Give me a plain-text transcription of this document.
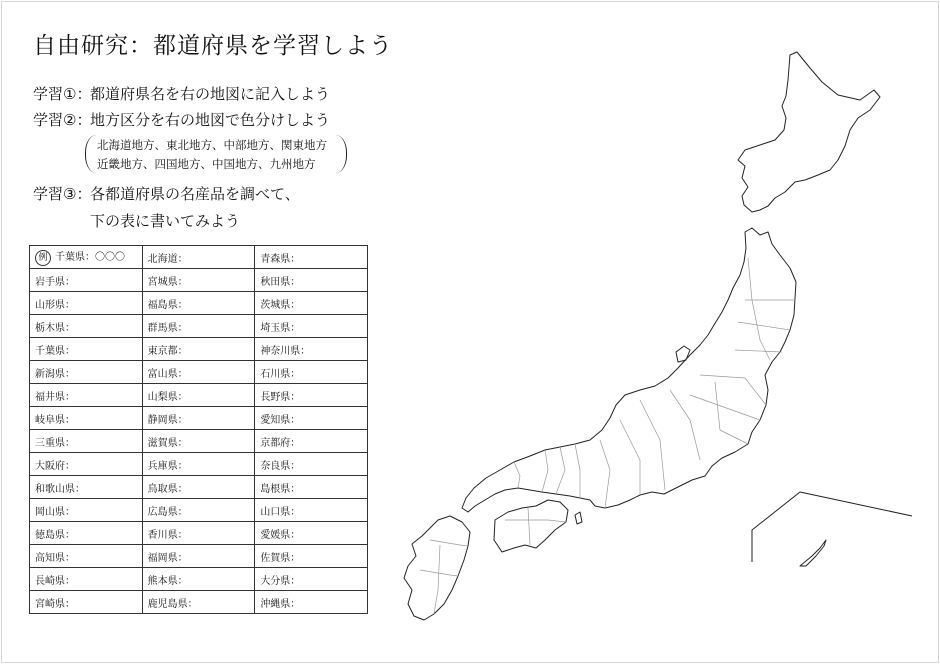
自由研究：都道府県を学習しよう
学習①：都道府県名を右の地図に記入しよう
学習②：地方区分を右の地図で色分けしよう
北海道地方、東北地方、中部地方、関東地方
近畿地方、四国地方、中国地方、九州地方
学習③：各都道府県の名産品を調べて、
下の表に書いてみよう
例 千葉県：〇〇〇	北海道：	青森県：
岩手県：	宮城県：	秋田県：
山形県：	福島県：	茨城県：
栃木県：	群馬県：	埼玉県：
千葉県：	東京都：	神奈川県：
新潟県：	富山県：	石川県：
福井県：	山梨県：	長野県：
岐阜県：	静岡県：	愛知県：
三重県：	滋賀県：	京都府：
大阪府：	兵庫県：	奈良県：
和歌山県：	鳥取県：	島根県：
岡山県：	広島県：	山口県：
徳島県：	香川県：	愛媛県：
高知県：	福岡県：	佐賀県：
長崎県：	熊本県：	大分県：
宮崎県：	鹿児島県：	沖縄県：
